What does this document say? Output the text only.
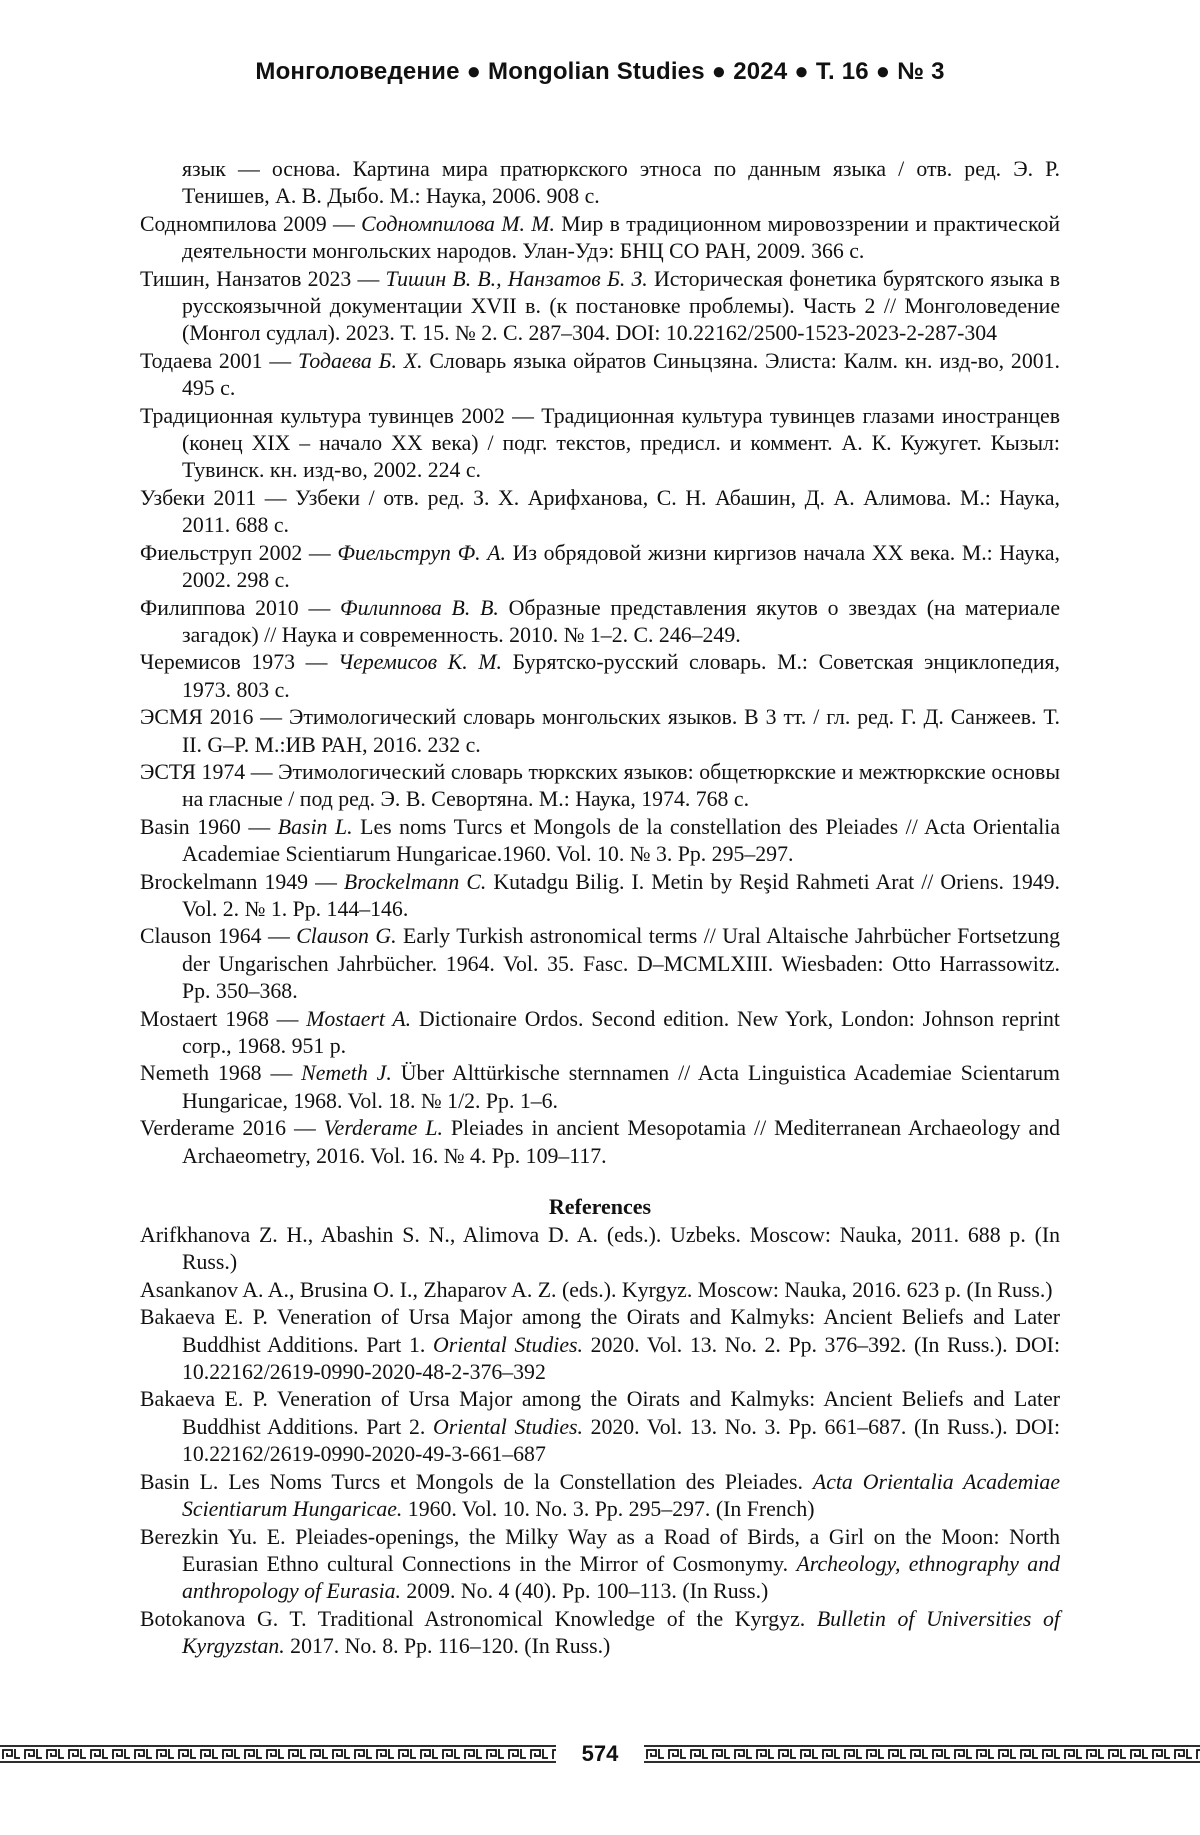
Монголоведение ● Mongolian Studies ● 2024 ● Т. 16 ● № 3

язык — основа. Картина мира пратюркского этноса по данным языка / отв. ред. Э. Р. Тенишев, А. В. Дыбо. М.: Наука, 2006. 908 с.

Содномпилова 2009 — Содномпилова М. М. Мир в традиционном мировоззрении и практической деятельности монгольских народов. Улан-Удэ: БНЦ СО РАН, 2009. 366 с.

Тишин, Нанзатов 2023 — Тишин В. В., Нанзатов Б. З. Историческая фонетика бурятского языка в русскоязычной документации XVII в. (к постановке проблемы). Часть 2 // Монголоведение (Монгол судлал). 2023. Т. 15. № 2. С. 287–304. DOI: 10.22162/2500-1523-2023-2-287-304

Тодаева 2001 — Тодаева Б. Х. Словарь языка ойратов Синьцзяна. Элиста: Калм. кн. изд-во, 2001. 495 с.

Традиционная культура тувинцев 2002 — Традиционная культура тувинцев глазами иностранцев (конец XIX – начало XX века) / подг. текстов, предисл. и коммент. А. К. Кужугет. Кызыл: Тувинск. кн. изд-во, 2002. 224 с.

Узбеки 2011 — Узбеки / отв. ред. З. Х. Арифханова, С. Н. Абашин, Д. А. Алимова. М.: Наука, 2011. 688 с.

Фиельструп 2002 — Фиельструп Ф. А. Из обрядовой жизни киргизов начала XX века. М.: Наука, 2002. 298 с.

Филиппова 2010 — Филиппова В. В. Образные представления якутов о звездах (на материале загадок) // Наука и современность. 2010. № 1–2. С. 246–249.

Черемисов 1973 — Черемисов К. М. Бурятско-русский словарь. М.: Советская энциклопедия, 1973. 803 с.

ЭСМЯ 2016 — Этимологический словарь монгольских языков. В 3 тт. / гл. ред. Г. Д. Санжеев. Т. II. G–P. М.:ИВ РАН, 2016. 232 с.

ЭСТЯ 1974 — Этимологический словарь тюркских языков: общетюркские и межтюркские основы на гласные / под ред. Э. В. Севортяна. М.: Наука, 1974. 768 с.

Basin 1960 — Basin L. Les noms Turcs et Mongols de la constellation des Pleiades // Acta Orientalia Academiae Scientiarum Hungaricae.1960. Vol. 10. № 3. Pp. 295–297.

Brockelmann 1949 — Brockelmann C. Kutadgu Bilig. I. Metin by Reşid Rahmeti Arat // Oriens. 1949. Vol. 2. № 1. Pp. 144–146.

Clauson 1964 — Clauson G. Early Turkish astronomical terms // Ural Altaische Jahrbücher Fortsetzung der Ungarischen Jahrbücher. 1964. Vol. 35. Fasc. D–MCMLXIII. Wiesbaden: Otto Harrassowitz. Pp. 350–368.

Mostaert 1968 — Mostaert A. Dictionaire Ordos. Second edition. New York, London: Johnson reprint corp., 1968. 951 p.

Nemeth 1968 — Nemeth J. Über Alttürkische sternnamen // Acta Linguistica Academiae Scientarum Hungaricae, 1968. Vol. 18. № 1/2. Pp. 1–6.

Verderame 2016 — Verderame L. Pleiades in ancient Mesopotamia // Mediterranean Archaeology and Archaeometry, 2016. Vol. 16. № 4. Pp. 109–117.

References

Arifkhanova Z. H., Abashin S. N., Alimova D. A. (eds.). Uzbeks. Moscow: Nauka, 2011. 688 p. (In Russ.)

Asankanov A. A., Brusina O. I., Zhaparov A. Z. (eds.). Kyrgyz. Moscow: Nauka, 2016. 623 p. (In Russ.)

Bakaeva E. P. Veneration of Ursa Major among the Oirats and Kalmyks: Ancient Beliefs and Later Buddhist Additions. Part 1. Oriental Studies. 2020. Vol. 13. No. 2. Pp. 376–392. (In Russ.). DOI: 10.22162/2619-0990-2020-48-2-376–392

Bakaeva E. P. Veneration of Ursa Major among the Oirats and Kalmyks: Ancient Beliefs and Later Buddhist Additions. Part 2. Oriental Studies. 2020. Vol. 13. No. 3. Pp. 661–687. (In Russ.). DOI: 10.22162/2619-0990-2020-49-3-661–687

Basin L. Les Noms Turcs et Mongols de la Constellation des Pleiades. Acta Orientalia Academiae Scientiarum Hungaricae. 1960. Vol. 10. No. 3. Pp. 295–297. (In French)

Berezkin Yu. E. Pleiades-openings, the Milky Way as a Road of Birds, a Girl on the Moon: North Eurasian Ethno cultural Connections in the Mirror of Cosmonymy. Archeology, ethnography and anthropology of Eurasia. 2009. No. 4 (40). Pp. 100–113. (In Russ.)

Botokanova G. T. Traditional Astronomical Knowledge of the Kyrgyz. Bulletin of Universities of Kyrgyzstan. 2017. No. 8. Pp. 116–120. (In Russ.)

574
